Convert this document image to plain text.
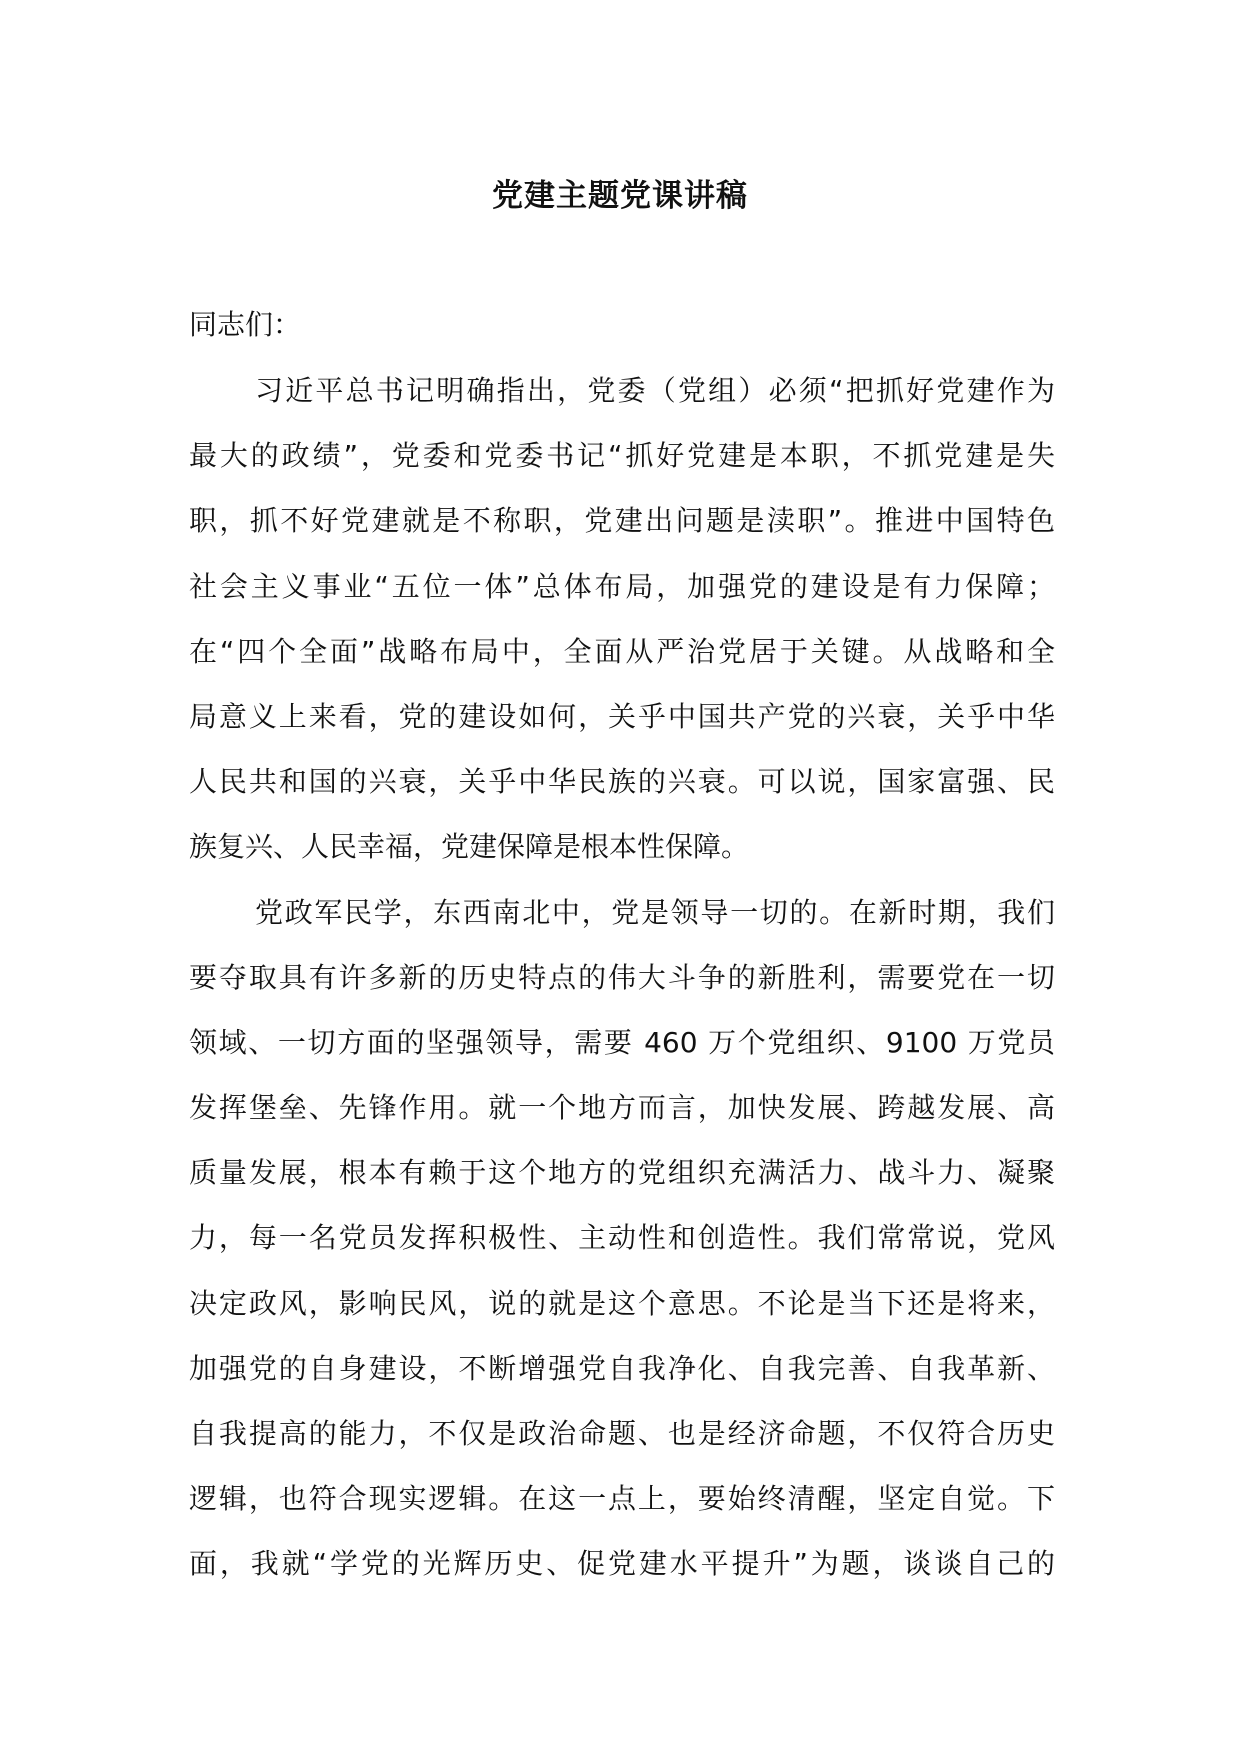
党建主题党课讲稿
同志们：
习近平总书记明确指出，党委（党组）必须“把抓好党建作为
最大的政绩”，党委和党委书记“抓好党建是本职，不抓党建是失
职，抓不好党建就是不称职，党建出问题是渎职”。推进中国特色
社会主义事业“五位一体”总体布局，加强党的建设是有力保障；
在“四个全面”战略布局中，全面从严治党居于关键。从战略和全
局意义上来看，党的建设如何，关乎中国共产党的兴衰，关乎中华
人民共和国的兴衰，关乎中华民族的兴衰。可以说，国家富强、民
族复兴、人民幸福，党建保障是根本性保障。
党政军民学，东西南北中，党是领导一切的。在新时期，我们
要夺取具有许多新的历史特点的伟大斗争的新胜利，需要党在一切
领域、一切方面的坚强领导，需要 460 万个党组织、9100 万党员
发挥堡垒、先锋作用。就一个地方而言，加快发展、跨越发展、高
质量发展，根本有赖于这个地方的党组织充满活力、战斗力、凝聚
力，每一名党员发挥积极性、主动性和创造性。我们常常说，党风
决定政风，影响民风，说的就是这个意思。不论是当下还是将来，
加强党的自身建设，不断增强党自我净化、自我完善、自我革新、
自我提高的能力，不仅是政治命题、也是经济命题，不仅符合历史
逻辑，也符合现实逻辑。在这一点上，要始终清醒，坚定自觉。下
面，我就“学党的光辉历史、促党建水平提升”为题，谈谈自己的
